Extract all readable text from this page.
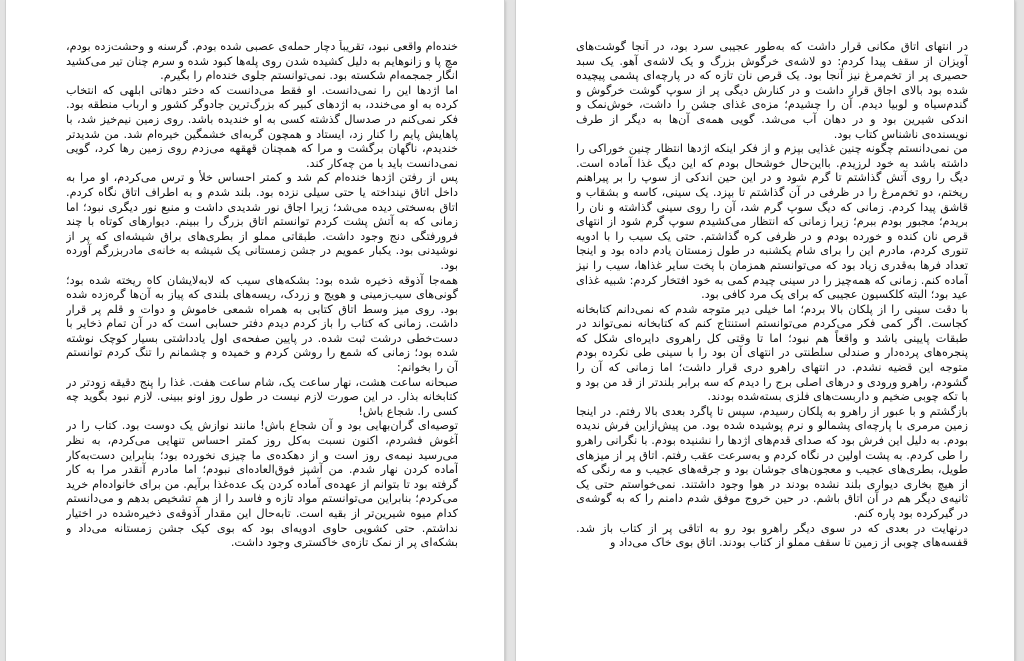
خنده‌ام واقعی نبود، تقریباً دچار حمله‌ی عصبی شده بودم. گرسنه و وحشت‌زده بودم، مچ پا و زانوهایم به دلیل کشیده شدن روی پله‌ها کبود شده و سرم چنان تیر می‌کشید انگار جمجمه‌ام شکسته بود. نمی‌توانستم جلوی خنده‌ام را بگیرم.

اما اژدها این را نمی‌دانست. او فقط می‌دانست که دختر دهاتی ابلهی که انتخاب کرده به او می‌خندد، به اژدهای کبیر که بزرگ‌ترین جادوگر کشور و ارباب منطقه بود. فکر نمی‌کنم در صدسال گذشته کسی به او خندیده باشد. روی زمین نیم‌خیز شد، با پاهایش پایم را کنار زد، ایستاد و همچون گربه‌ای خشمگین خیره‌ام شد. من شدیدتر خندیدم، ناگهان برگشت و مرا که همچنان قهقهه می‌زدم روی زمین رها کرد، گویی نمی‌دانست باید با من چه‌کار کند.

پس از رفتن اژدها خنده‌ام کم شد و کمتر احساس خلأ و ترس می‌کردم، او مرا به داخل اتاق نینداخته یا حتی سیلی نزده بود. بلند شدم و به اطراف اتاق نگاه کردم. اتاق به‌سختی دیده می‌شد؛ زیرا اجاق نور شدیدی داشت و منبع نور دیگری نبود؛ اما زمانی که به آتش پشت کردم توانستم اتاق بزرگ را ببینم. دیوارهای کوتاه با چند فرورفتگی دنج وجود داشت. طبقاتی مملو از بطری‌های براق شیشه‌ای که پر از نوشیدنی بود. یکبار عمویم در جشن زمستانی یک شیشه به خانه‌ی مادربزرگم آورده بود.

همه‌جا آذوقه ذخیره شده بود: بشکه‌های سیب که لابه‌لایشان کاه ریخته شده بود؛ گونی‌های سیب‌زمینی و هویج و زردک، ریسه‌های بلندی که پیاز به آن‌ها گره‌زده شده بود. روی میز وسط اتاق کتابی به همراه شمعی خاموش و دوات و قلم پر قرار داشت. زمانی که کتاب را باز کردم دیدم دفتر حسابی است که در آن تمام ذخایر با دست‌خطی درشت ثبت شده. در پایین صفحه‌ی اول یادداشتی بسیار کوچک نوشته شده بود؛ زمانی که شمع را روشن کردم و خمیده و چشمانم را تنگ کردم توانستم آن را بخوانم:

صبحانه ساعت هشت، نهار ساعت یک، شام ساعت هفت. غذا را پنج دقیقه زودتر در کتابخانه بذار. در این صورت لازم نیست در طول روز اونو ببینی. لازم نبود بگوید چه کسی را. شجاع باش!

توصیه‌ای گران‌بهایی بود و آن شجاع باش! مانند نوازش یک دوست بود. کتاب را در آغوش فشردم، اکنون نسبت به‌کل روز کمتر احساس تنهایی می‌کردم، به نظر می‌رسید نیمه‌ی روز است و از دهکده‌ی ما چیزی نخورده بود؛ بنابراین دست‌به‌کار آماده کردن نهار شدم. من آشپز فوق‌العاده‌ای نبودم؛ اما مادرم آنقدر مرا به کار گرفته بود تا بتوانم از عهده‌ی آماده کردن یک عده‌غذا برآیم. من برای خانواده‌ام خرید می‌کردم؛ بنابراین می‌توانستم مواد تازه و فاسد را از هم تشخیص بدهم و می‌دانستم کدام میوه شیرین‌تر از بقیه است. تابه‌حال این مقدار آذوقه‌ی ذخیره‌شده در اختیار نداشتم. حتی کشویی حاوی ادویه‌ای بود که بوی کیک جشن زمستانه می‌داد و بشکه‌ای پر از نمک تازه‌ی خاکستری وجود داشت.

در انتهای اتاق مکانی قرار داشت که به‌طور عجیبی سرد بود، در آنجا گوشت‌های آویزان از سقف پیدا کردم: دو لاشه‌ی خرگوش بزرگ و یک لاشه‌ی آهو. یک سبد حصیری پر از تخم‌مرغ نیز آنجا بود. یک قرص نان تازه که در پارچه‌ای پشمی پیچیده شده بود بالای اجاق قرار داشت و در کنارش دیگی پر از سوپ گوشت خرگوش و گندم‌سیاه و لوبیا دیدم. آن را چشیدم؛ مزه‌ی غذای جشن را داشت، خوش‌نمک و اندکی شیرین بود و در دهان آب می‌شد. گویی همه‌ی آن‌ها به دیگر از طرف نویسنده‌ی ناشناس کتاب بود.

من نمی‌دانستم چگونه چنین غذایی بپزم و از فکر اینکه اژدها انتظار چنین خوراکی را داشته باشد به خود لرزیدم. بااین‌حال خوشحال بودم که این دیگ غذا آماده است. دیگ را روی آتش گذاشتم تا گرم شود و در این حین اندکی از سوپ را بر پیراهنم ریختم، دو تخم‌مرغ را در ظرفی در آن گذاشتم تا بپزد. یک سینی، کاسه و بشقاب و قاشق پیدا کردم. زمانی که دیگ سوپ گرم شد، آن را روی سینی گذاشته و نان را بریدم؛ مجبور بودم ببرم؛ زیرا زمانی که انتظار می‌کشیدم سوپ گرم شود از انتهای قرص نان کنده و خورده بودم و در ظرفی کره گذاشتم. حتی یک سیب را با ادویه تنوری کردم، مادرم این را برای شام یکشنبه در طول زمستان یادم داده بود و اینجا تعداد فرها به‌قدری زیاد بود که می‌توانستم همزمان با پخت سایر غذاها، سیب را نیز آماده کنم. زمانی که همه‌چیز را در سینی چیدم کمی به خود افتخار کردم: شبیه غذای عید بود؛ البته کلکسیون عجیبی که برای یک مرد کافی بود.

با دقت سینی را از پلکان بالا بردم؛ اما خیلی دیر متوجه شدم که نمی‌دانم کتابخانه کجاست. اگر کمی فکر می‌کردم می‌توانستم استنتاج کنم که کتابخانه نمی‌تواند در طبقات پایینی باشد و واقعاً هم نبود؛ اما تا وقتی کل راهروی دایره‌ای شکل که پنجره‌های پرده‌دار و صندلی سلطنتی در انتهای آن بود را با سینی طی نکرده بودم متوجه این قضیه نشدم. در انتهای راهرو دری قرار داشت؛ اما زمانی که آن را گشودم، راهرو ورودی و درهای اصلی برج را دیدم که سه برابر بلندتر از قد من بود و با تکه چوبی ضخیم و داربست‌های فلزی بسته‌شده بودند.

بازگشتم و با عبور از راهرو به پلکان رسیدم، سپس تا پاگرد بعدی بالا رفتم. در اینجا زمین مرمری با پارچه‌ای پشمالو و نرم پوشیده شده بود. من پیش‌ازاین فرش ندیده بودم. به دلیل این فرش بود که صدای قدم‌های اژدها را نشنیده بودم. با نگرانی راهرو را طی کردم. به پشت اولین در نگاه کردم و به‌سرعت عقب رفتم. اتاق پر از میزهای طویل، بطری‌های عجیب و معجون‌های جوشان بود و جرقه‌های عجیب و مه رنگی که از هیچ بخاری دیواری بلند نشده بودند در هوا وجود داشتند. نمی‌خواستم حتی یک ثانیه‌ی دیگر هم در آن اتاق باشم. در حین خروج موفق شدم دامنم را که به گوشه‌ی در گیرکرده بود پاره کنم.

درنهایت در بعدی که در سوی دیگر راهرو بود رو به اتاقی پر از کتاب باز شد. قفسه‌های چوبی از زمین تا سقف مملو از کتاب بودند. اتاق بوی خاک می‌داد و
